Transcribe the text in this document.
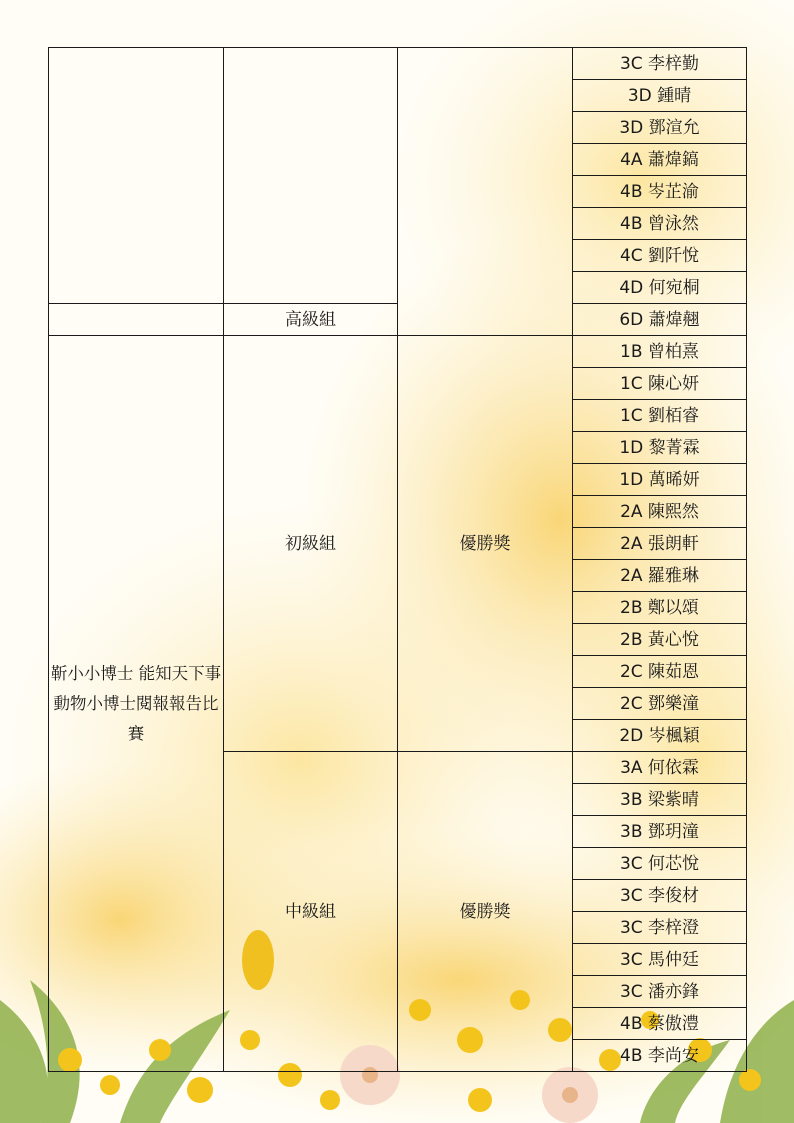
			3C 李梓勤
			3D 鍾晴
			3D 鄧渲允
			4A 蕭煒鎬
			4B 岑芷渝
			4B 曾泳然
			4C 劉阡悅
			4D 何宛桐
	高級組		6D 蕭煒翹
靳小小博士 能知天下事 動物小博士閱報報告比賽	初級組	優勝獎	1B 曾柏熹
			1C 陳心妍
			1C 劉栢睿
			1D 黎菁霖
			1D 萬晞妍
			2A 陳熙然
			2A 張朗軒
			2A 羅雅琳
			2B 鄭以頌
			2B 黃心悅
			2C 陳茹恩
			2C 鄧樂潼
			2D 岑楓穎
	中級組	優勝獎	3A 何依霖
			3B 梁紫晴
			3B 鄧玥潼
			3C 何芯悅
			3C 李俊材
			3C 李梓澄
			3C 馬仲廷
			3C 潘亦鋒
			4B 蔡傲澧
			4B 李尚安
